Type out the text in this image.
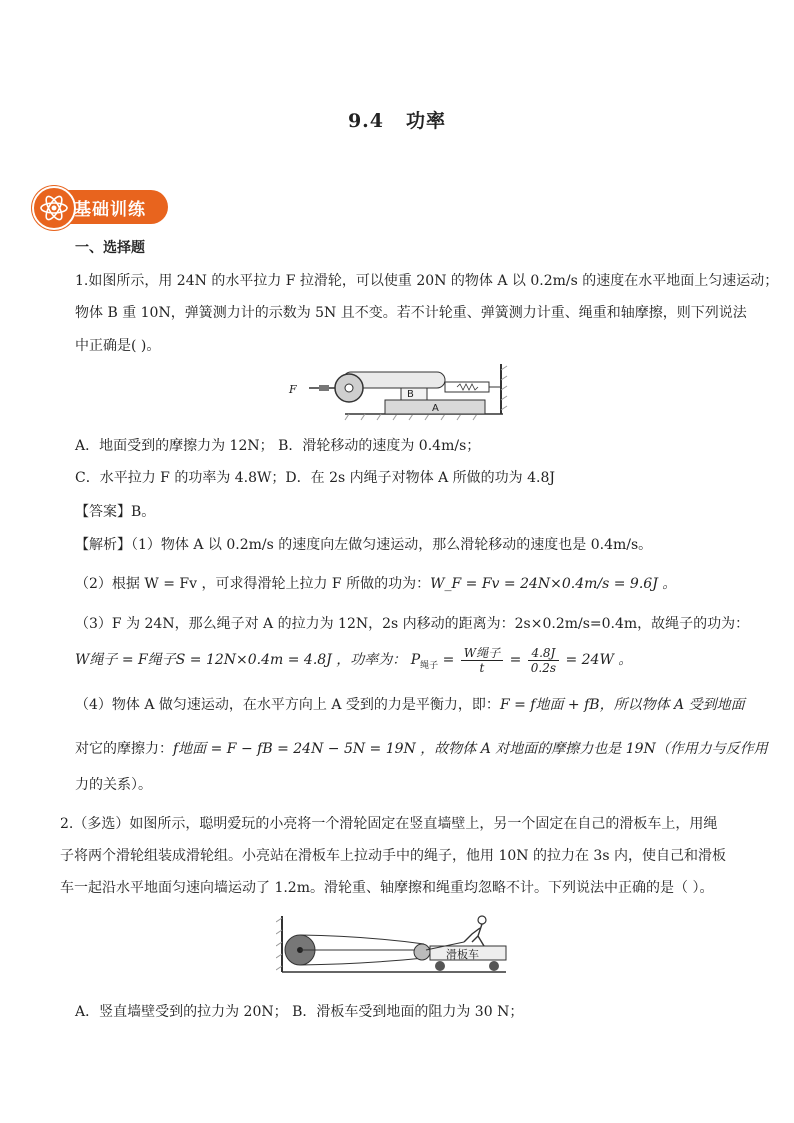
9.4 功率
基础训练
一、选择题
1.如图所示，用 24N 的水平拉力 F 拉滑轮，可以使重 20N 的物体 A 以 0.2m/s 的速度在水平地面上匀速运动；
物体 B 重 10N，弹簧测力计的示数为 5N 且不变。若不计轮重、弹簧测力计重、绳重和轴摩擦，则下列说法
中正确是( )。
A
B
F
A．地面受到的摩擦力为 12N； B．滑轮移动的速度为 0.4m/s；
C．水平拉力 F 的功率为 4.8W；D．在 2s 内绳子对物体 A 所做的功为 4.8J
【答案】B。
【解析】（1）物体 A 以 0.2m/s 的速度向左做匀速运动，那么滑轮移动的速度也是 0.4m/s。
（2）根据 W = Fv ，可求得滑轮上拉力 F 所做的功为：W_F = Fv = 24N×0.4m/s = 9.6J 。
（3）F 为 24N，那么绳子对 A 的拉力为 12N，2s 内移动的距离为：2s×0.2m/s=0.4m，故绳子的功为：
W绳子 = F绳子S = 12N×0.4m = 4.8J ，功率为： $P_{绳子} = \frac{\text{W绳子}}{t} = \frac{4.8J}{0.2s} = 24W$ 。
（4）物体 A 做匀速运动，在水平方向上 A 受到的力是平衡力，即：F = f地面 + fB，所以物体 A 受到地面
对它的摩擦力：f地面 = F − fB = 24N − 5N = 19N ，故物体 A 对地面的摩擦力也是 19N（作用力与反作用
力的关系）。
2.（多选）如图所示，聪明爱玩的小亮将一个滑轮固定在竖直墙壁上，另一个固定在自己的滑板车上，用绳
子将两个滑轮组装成滑轮组。小亮站在滑板车上拉动手中的绳子，他用 10N 的拉力在 3s 内，使自己和滑板
车一起沿水平地面匀速向墙运动了 1.2m。滑轮重、轴摩擦和绳重均忽略不计。下列说法中正确的是（ ）。
滑板车
A．竖直墙壁受到的拉力为 20N； B．滑板车受到地面的阻力为 30 N；
